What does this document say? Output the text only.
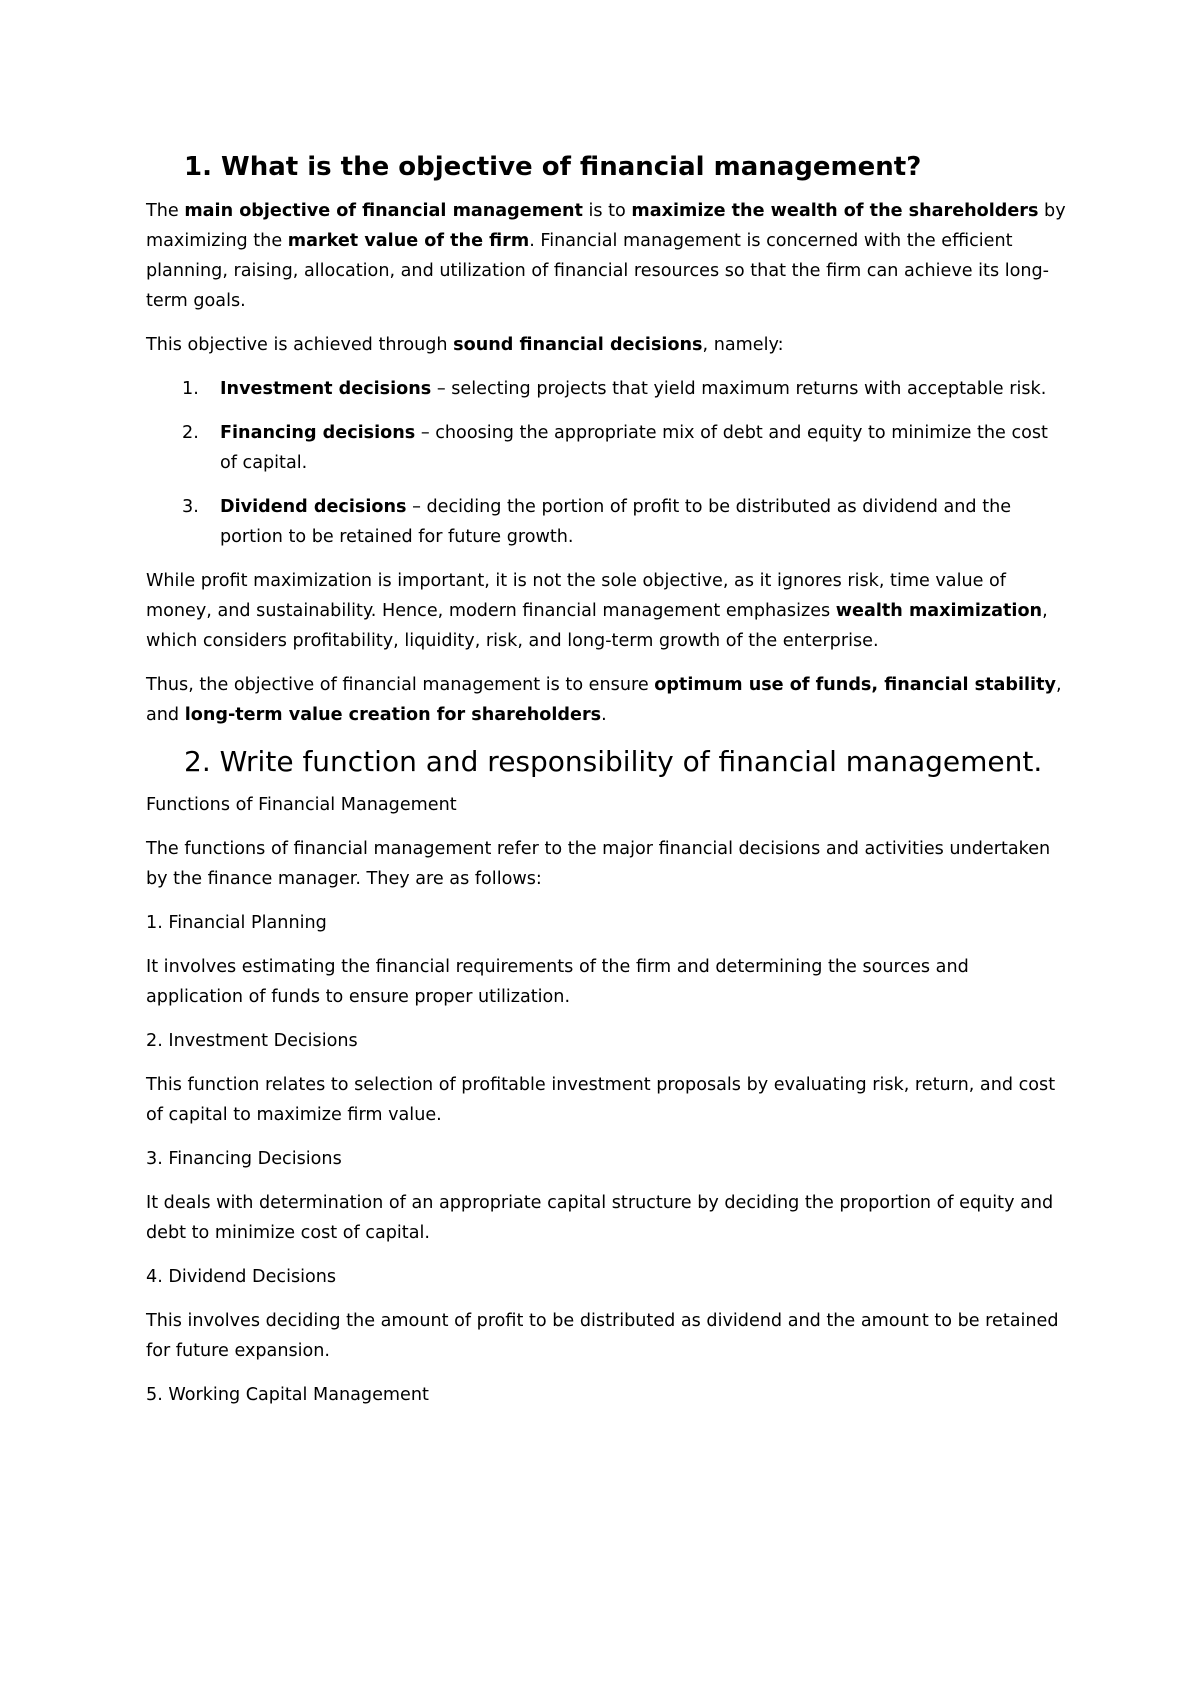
1. What is the objective of financial management?

The main objective of financial management is to maximize the wealth of the shareholders by maximizing the market value of the firm. Financial management is concerned with the efficient planning, raising, allocation, and utilization of financial resources so that the firm can achieve its long-term goals.

This objective is achieved through sound financial decisions, namely:

1. Investment decisions – selecting projects that yield maximum returns with acceptable risk.
2. Financing decisions – choosing the appropriate mix of debt and equity to minimize the cost of capital.
3. Dividend decisions – deciding the portion of profit to be distributed as dividend and the portion to be retained for future growth.

While profit maximization is important, it is not the sole objective, as it ignores risk, time value of money, and sustainability. Hence, modern financial management emphasizes wealth maximization, which considers profitability, liquidity, risk, and long-term growth of the enterprise.

Thus, the objective of financial management is to ensure optimum use of funds, financial stability, and long-term value creation for shareholders.

2. Write function and responsibility of financial management.

Functions of Financial Management

The functions of financial management refer to the major financial decisions and activities undertaken by the finance manager. They are as follows:

1. Financial Planning

It involves estimating the financial requirements of the firm and determining the sources and application of funds to ensure proper utilization.

2. Investment Decisions

This function relates to selection of profitable investment proposals by evaluating risk, return, and cost of capital to maximize firm value.

3. Financing Decisions

It deals with determination of an appropriate capital structure by deciding the proportion of equity and debt to minimize cost of capital.

4. Dividend Decisions

This involves deciding the amount of profit to be distributed as dividend and the amount to be retained for future expansion.

5. Working Capital Management
